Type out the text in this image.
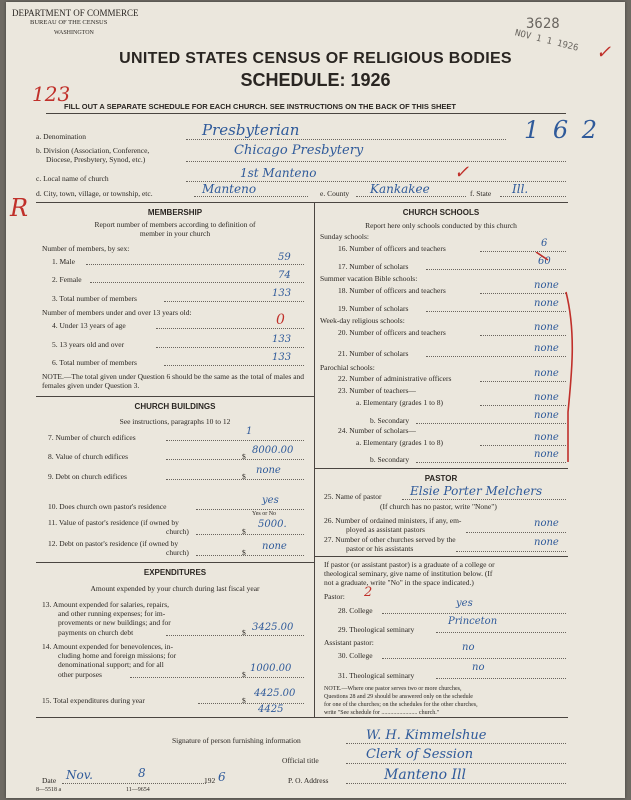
DEPARTMENT OF COMMERCE
BUREAU OF THE CENSUS
WASHINGTON
3628
NOV 1 1 1926 ✓
UNITED STATES CENSUS OF RELIGIOUS BODIES
SCHEDULE: 1926
123
FILL OUT A SEPARATE SCHEDULE FOR EACH CHURCH. SEE INSTRUCTIONS ON THE BACK OF THIS SHEET
a. Denomination	Presbyterian	1 6 2
b. Division (Association, Conference,
Diocese, Presbytery, Synod, etc.)
Chicago Presbytery
c. Local name of church	1st Manteno
R
d. City, town, village, or township, etc.	Manteno	e. County Kankakee
✓
f. State Ill.
MEMBERSHIP
Report number of members according to definition of
member in your church
Number of members, by sex:
1. Male	59
2. Female	74
3. Total number of members	133
Number of members under and over 13 years old:
4. Under 13 years of age	0
5. 13 years old and over	133
6. Total number of members	133
NOTE.—The total given under Question 6 should be the same as the total of males and females given under Question 3.
CHURCH BUILDINGS
See instructions, paragraphs 10 to 12
7. Number of church edifices
1
8. Value of church edifices	$
8000.00
9. Debt on church edifices	$
none
10. Does church own pastor's residence
yes
Yes or No
11. Value of pastor's residence (if owned by
church)	$
5000.
12. Debt on pastor's residence (if owned by
church)	$
none
EXPENDITURES
Amount expended by your church during last fiscal year
13. Amount expended for salaries, repairs,
and other running expenses; for im-
provements or new buildings; and for
payments on church debt	$ 3425.00
14. Amount expended for benevolences, in-
cluding home and foreign missions; for
denominational support; and for all
other purposes	$
1000.00
15. Total expenditures during year	$
4425.00
4425
CHURCH SCHOOLS
Report here only schools conducted by this church
Sunday schools:
16. Number of officers and teachers	6
17. Number of scholars	60
Summer vacation Bible schools:
18. Number of officers and teachers	none
19. Number of scholars	none
Week-day religious schools:
20. Number of officers and teachers	none
21. Number of scholars	none
Parochial schools:
22. Number of administrative officers	none
23. Number of teachers—
a. Elementary (grades 1 to 8)	none
b. Secondary	none
24. Number of scholars—
a. Elementary (grades 1 to 8)	none
b. Secondary	none
PASTOR
25. Name of pastor Elsie Porter Melchers
(If church has no pastor, write "None")
26. Number of ordained ministers, if any, em-
ployed as assistant pastors
none
27. Number of other churches served by the
pastor or his assistants
none
If pastor (or assistant pastor) is a graduate of a college or
theological seminary, give name of institution below. (If
not a graduate, write "No" in the space indicated.)
Pastor: 2
28. College
yes
29. Theological seminary
Princeton
Assistant pastor:
30. College
no
31. Theological seminary
no
NOTE.—Where one pastor serves two or more churches,
Questions 28 and 29 should be answered only on the schedule
for one of the churches; on the schedules for the other churches,
write "See schedule for ........................ church."
Signature of person furnishing information	W. H. Kimmelshue
Official title	Clerk of Session
Date Nov.	8
192 6	P. O. Address	Manteno Ill
8—5518 a	11—9654
